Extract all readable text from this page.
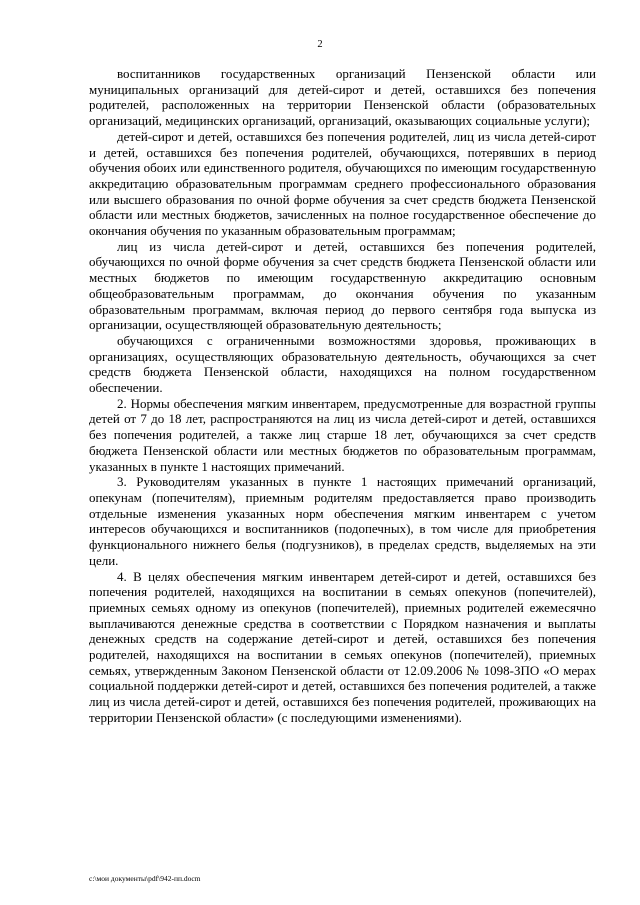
2

воспитанников государственных организаций Пензенской области или муниципальных организаций для детей-сирот и детей, оставшихся без попечения родителей, расположенных на территории Пензенской области (образовательных организаций, медицинских организаций, организаций, оказывающих социальные услуги);

детей-сирот и детей, оставшихся без попечения родителей, лиц из числа детей-сирот и детей, оставшихся без попечения родителей, обучающихся, потерявших в период обучения обоих или единственного родителя, обучающихся по имеющим государственную аккредитацию образовательным программам среднего профессионального образования или высшего образования по очной форме обучения за счет средств бюджета Пензенской области или местных бюджетов, зачисленных на полное государственное обеспечение до окончания обучения по указанным образовательным программам;

лиц из числа детей-сирот и детей, оставшихся без попечения родителей, обучающихся по очной форме обучения за счет средств бюджета Пензенской области или местных бюджетов по имеющим государственную аккредитацию основным общеобразовательным программам, до окончания обучения по указанным образовательным программам, включая период до первого сентября года выпуска из организации, осуществляющей образовательную деятельность;

обучающихся с ограниченными возможностями здоровья, проживающих в организациях, осуществляющих образовательную деятельность, обучающихся за счет средств бюджета Пензенской области, находящихся на полном государственном обеспечении.

2. Нормы обеспечения мягким инвентарем, предусмотренные для возрастной группы детей от 7 до 18 лет, распространяются на лиц из числа детей-сирот и детей, оставшихся без попечения родителей, а также лиц старше 18 лет, обучающихся за счет средств бюджета Пензенской области или местных бюджетов по образовательным программам, указанных в пункте 1 настоящих примечаний.

3. Руководителям указанных в пункте 1 настоящих примечаний организаций, опекунам (попечителям), приемным родителям предоставляется право производить отдельные изменения указанных норм обеспечения мягким инвентарем с учетом интересов обучающихся и воспитанников (подопечных), в том числе для приобретения функционального нижнего белья (подгузников), в пределах средств, выделяемых на эти цели.

4. В целях обеспечения мягким инвентарем детей-сирот и детей, оставшихся без попечения родителей, находящихся на воспитании в семьях опекунов (попечителей), приемных семьях одному из опекунов (попечителей), приемных родителей ежемесячно выплачиваются денежные средства в соответствии с Порядком назначения и выплаты денежных средств на содержание детей-сирот и детей, оставшихся без попечения родителей, находящихся на воспитании в семьях опекунов (попечителей), приемных семьях, утвержденным Законом Пензенской области от 12.09.2006 № 1098-ЗПО «О мерах социальной поддержки детей-сирот и детей, оставшихся без попечения родителей, а также лиц из числа детей-сирот и детей, оставшихся без попечения родителей, проживающих на территории Пензенской области» (с последующими изменениями).

c:\мои документы\pdf\942-пп.docm
